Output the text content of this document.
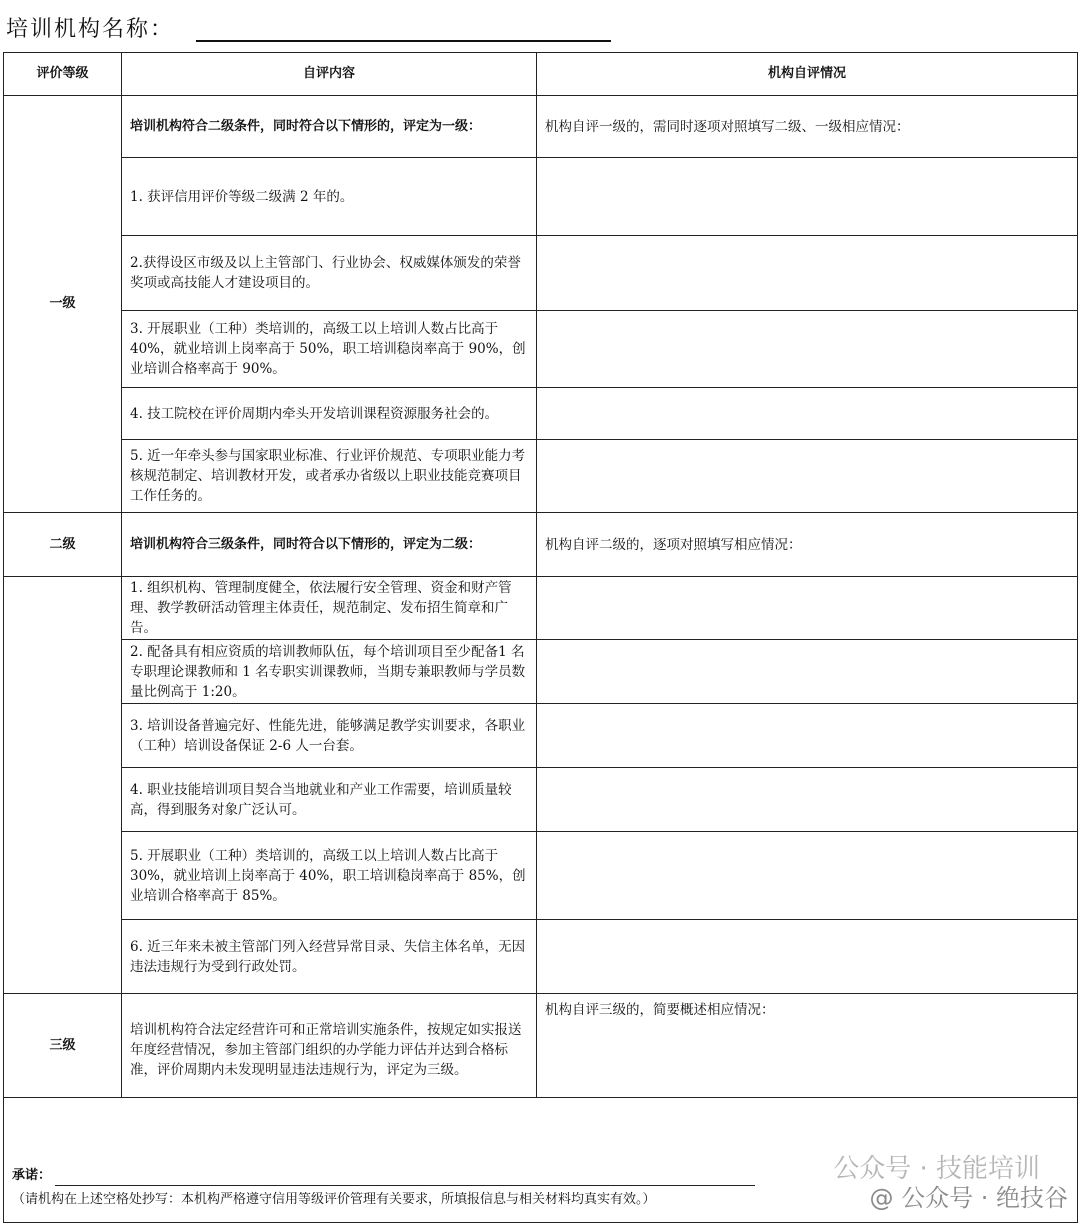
培训机构名称：
评价等级	自评内容	机构自评情况
一级	培训机构符合二级条件，同时符合以下情形的，评定为一级：	机构自评一级的，需同时逐项对照填写二级、一级相应情况：
	1. 获评信用评价等级二级满 2 年的。	
	2.获得设区市级及以上主管部门、行业协会、权威媒体颁发的荣誉奖项或高技能人才建设项目的。	
	3. 开展职业（工种）类培训的，高级工以上培训人数占比高于40%，就业培训上岗率高于 50%，职工培训稳岗率高于 90%，创业培训合格率高于 90%。	
	4. 技工院校在评价周期内牵头开发培训课程资源服务社会的。	
	5. 近一年牵头参与国家职业标准、行业评价规范、专项职业能力考核规范制定、培训教材开发，或者承办省级以上职业技能竞赛项目工作任务的。	
二级	培训机构符合三级条件，同时符合以下情形的，评定为二级：	机构自评二级的，逐项对照填写相应情况：
	1. 组织机构、管理制度健全，依法履行安全管理、资金和财产管理、教学教研活动管理主体责任，规范制定、发布招生简章和广告。	
	2. 配备具有相应资质的培训教师队伍，每个培训项目至少配备1 名专职理论课教师和 1 名专职实训课教师，当期专兼职教师与学员数量比例高于 1:20。	
	3. 培训设备普遍完好、性能先进，能够满足教学实训要求，各职业（工种）培训设备保证 2-6 人一台套。	
	4. 职业技能培训项目契合当地就业和产业工作需要，培训质量较高，得到服务对象广泛认可。	
	5. 开展职业（工种）类培训的，高级工以上培训人数占比高于30%，就业培训上岗率高于 40%，职工培训稳岗率高于 85%，创业培训合格率高于 85%。	
	6. 近三年来未被主管部门列入经营异常目录、失信主体名单，无因违法违规行为受到行政处罚。	
三级	培训机构符合法定经营许可和正常培训实施条件，按规定如实报送年度经营情况，参加主管部门组织的办学能力评估并达到合格标准，评价周期内未发现明显违法违规行为，评定为三级。	机构自评三级的，简要概述相应情况：

承诺：
（请机构在上述空格处抄写：本机构严格遵守信用等级评价管理有关要求，所填报信息与相关材料均真实有效。）		
公众号 · 技能培训
@ 公众号 · 绝技谷
